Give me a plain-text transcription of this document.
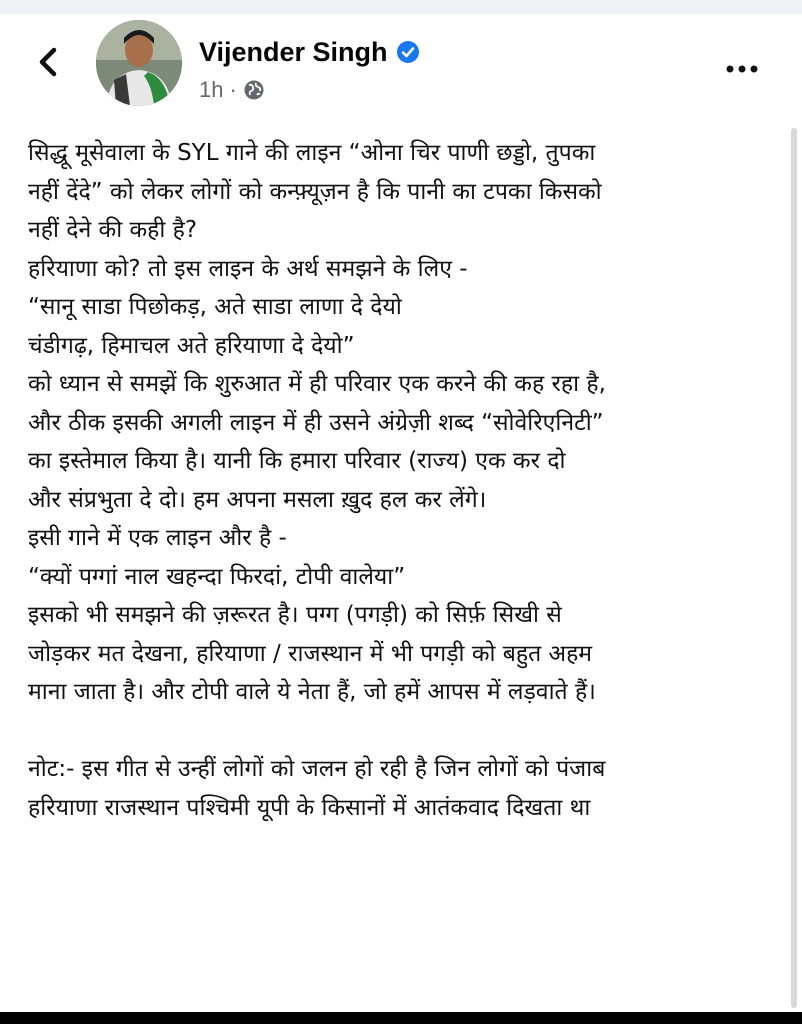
Vijender Singh
1h ·
सिद्धू मूसेवाला के SYL गाने की लाइन “ओना चिर पाणी छड्डो, तुपका
नहीं देंदे” को लेकर लोगों को कन्फ़्यूज़न है कि पानी का टपका किसको
नहीं देने की कही है?
हरियाणा को? तो इस लाइन के अर्थ समझने के लिए -
“सानू साडा पिछोकड़, अते साडा लाणा दे देयो
चंडीगढ़, हिमाचल अते हरियाणा दे देयो”
को ध्यान से समझें कि शुरुआत में ही परिवार एक करने की कह रहा है,
और ठीक इसकी अगली लाइन में ही उसने अंग्रेज़ी शब्द “सोवेरिएनिटी”
का इस्तेमाल किया है। यानी कि हमारा परिवार (राज्य) एक कर दो
और संप्रभुता दे दो। हम अपना मसला ख़ुद हल कर लेंगे।
इसी गाने में एक लाइन और है -
“क्यों पग्गां नाल खहन्दा फिरदां, टोपी वालेया”
इसको भी समझने की ज़रूरत है। पग्ग (पगड़ी) को सिर्फ़ सिखी से
जोड़कर मत देखना, हरियाणा / राजस्थान में भी पगड़ी को बहुत अहम
माना जाता है। और टोपी वाले ये नेता हैं, जो हमें आपस में लड़वाते हैं।
नोट:- इस गीत से उन्हीं लोगों को जलन हो रही है जिन लोगों को पंजाब
हरियाणा राजस्थान पश्चिमी यूपी के किसानों में आतंकवाद दिखता था
